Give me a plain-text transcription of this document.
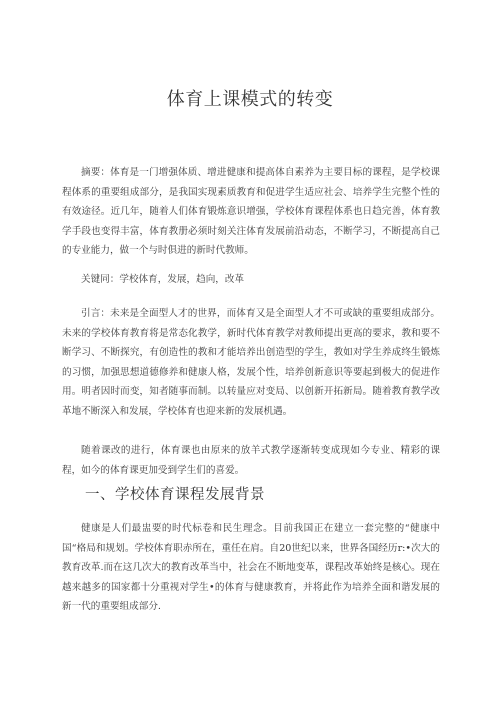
体育上课模式的转变

摘要：体育是一门增强体质、增进健康和提高体自素养为主要目标的课程，是学校课程体系的重要组成部分，是我国实现素质教育和促进学生适应社会、培养学生完整个性的有效途径。近几年，随着人们体育锻炼意识增强，学校体育课程体系也日趋完善，体育教学手段也变得丰富，体育教册必须时刻关注体育发展前沿动态，不断学习，不断提高自己的专业能力，做一个与时俱进的新时代教师。

关键同：学校体育，发展，趋向，改革

引言：未来是全面型人才的世界，而体育又是全面型人才不可或缺的重要组成部分。未来的学校体育教育将是常态化教学，新时代体育教学对教师提出更高的要求，教和要不断学习、不断探究，有创造性的教和才能培养出创造型的学生，教如对学生养成终生锻炼的习惯，加强思想道德修养和健康人格，发展个性，培养创新意识等要起到极大的促进作用。明者因时而变，知者随事而制。以转量应对变局、以创新开拓新局。随着教育教学改革地不断深入和发展，学校体育也迎来新的发展机遇。

随着课改的进行，体育课也由原来的放羊式教学逐渐转变成现如今专业、精彩的课程，如今的体育课更加受到学生们的喜爱。

一、学校体育课程发展背景

健康是人们最盅要的时代标卷和民生理念。目前我国正在建立一套完整的“健康中国“格局和规划。学校体育职赤所在，重任在肩。自20世纪以来，世界各国经历r:•次大的教育改革.而在这几次大的教育改革当中，社会在不断地变革，课程改革始终是核心。现在越来越多的国家都十分重视对学生•的体育与健康教育，并将此作为培养全面和谐发展的新一代的重要组成部分.
